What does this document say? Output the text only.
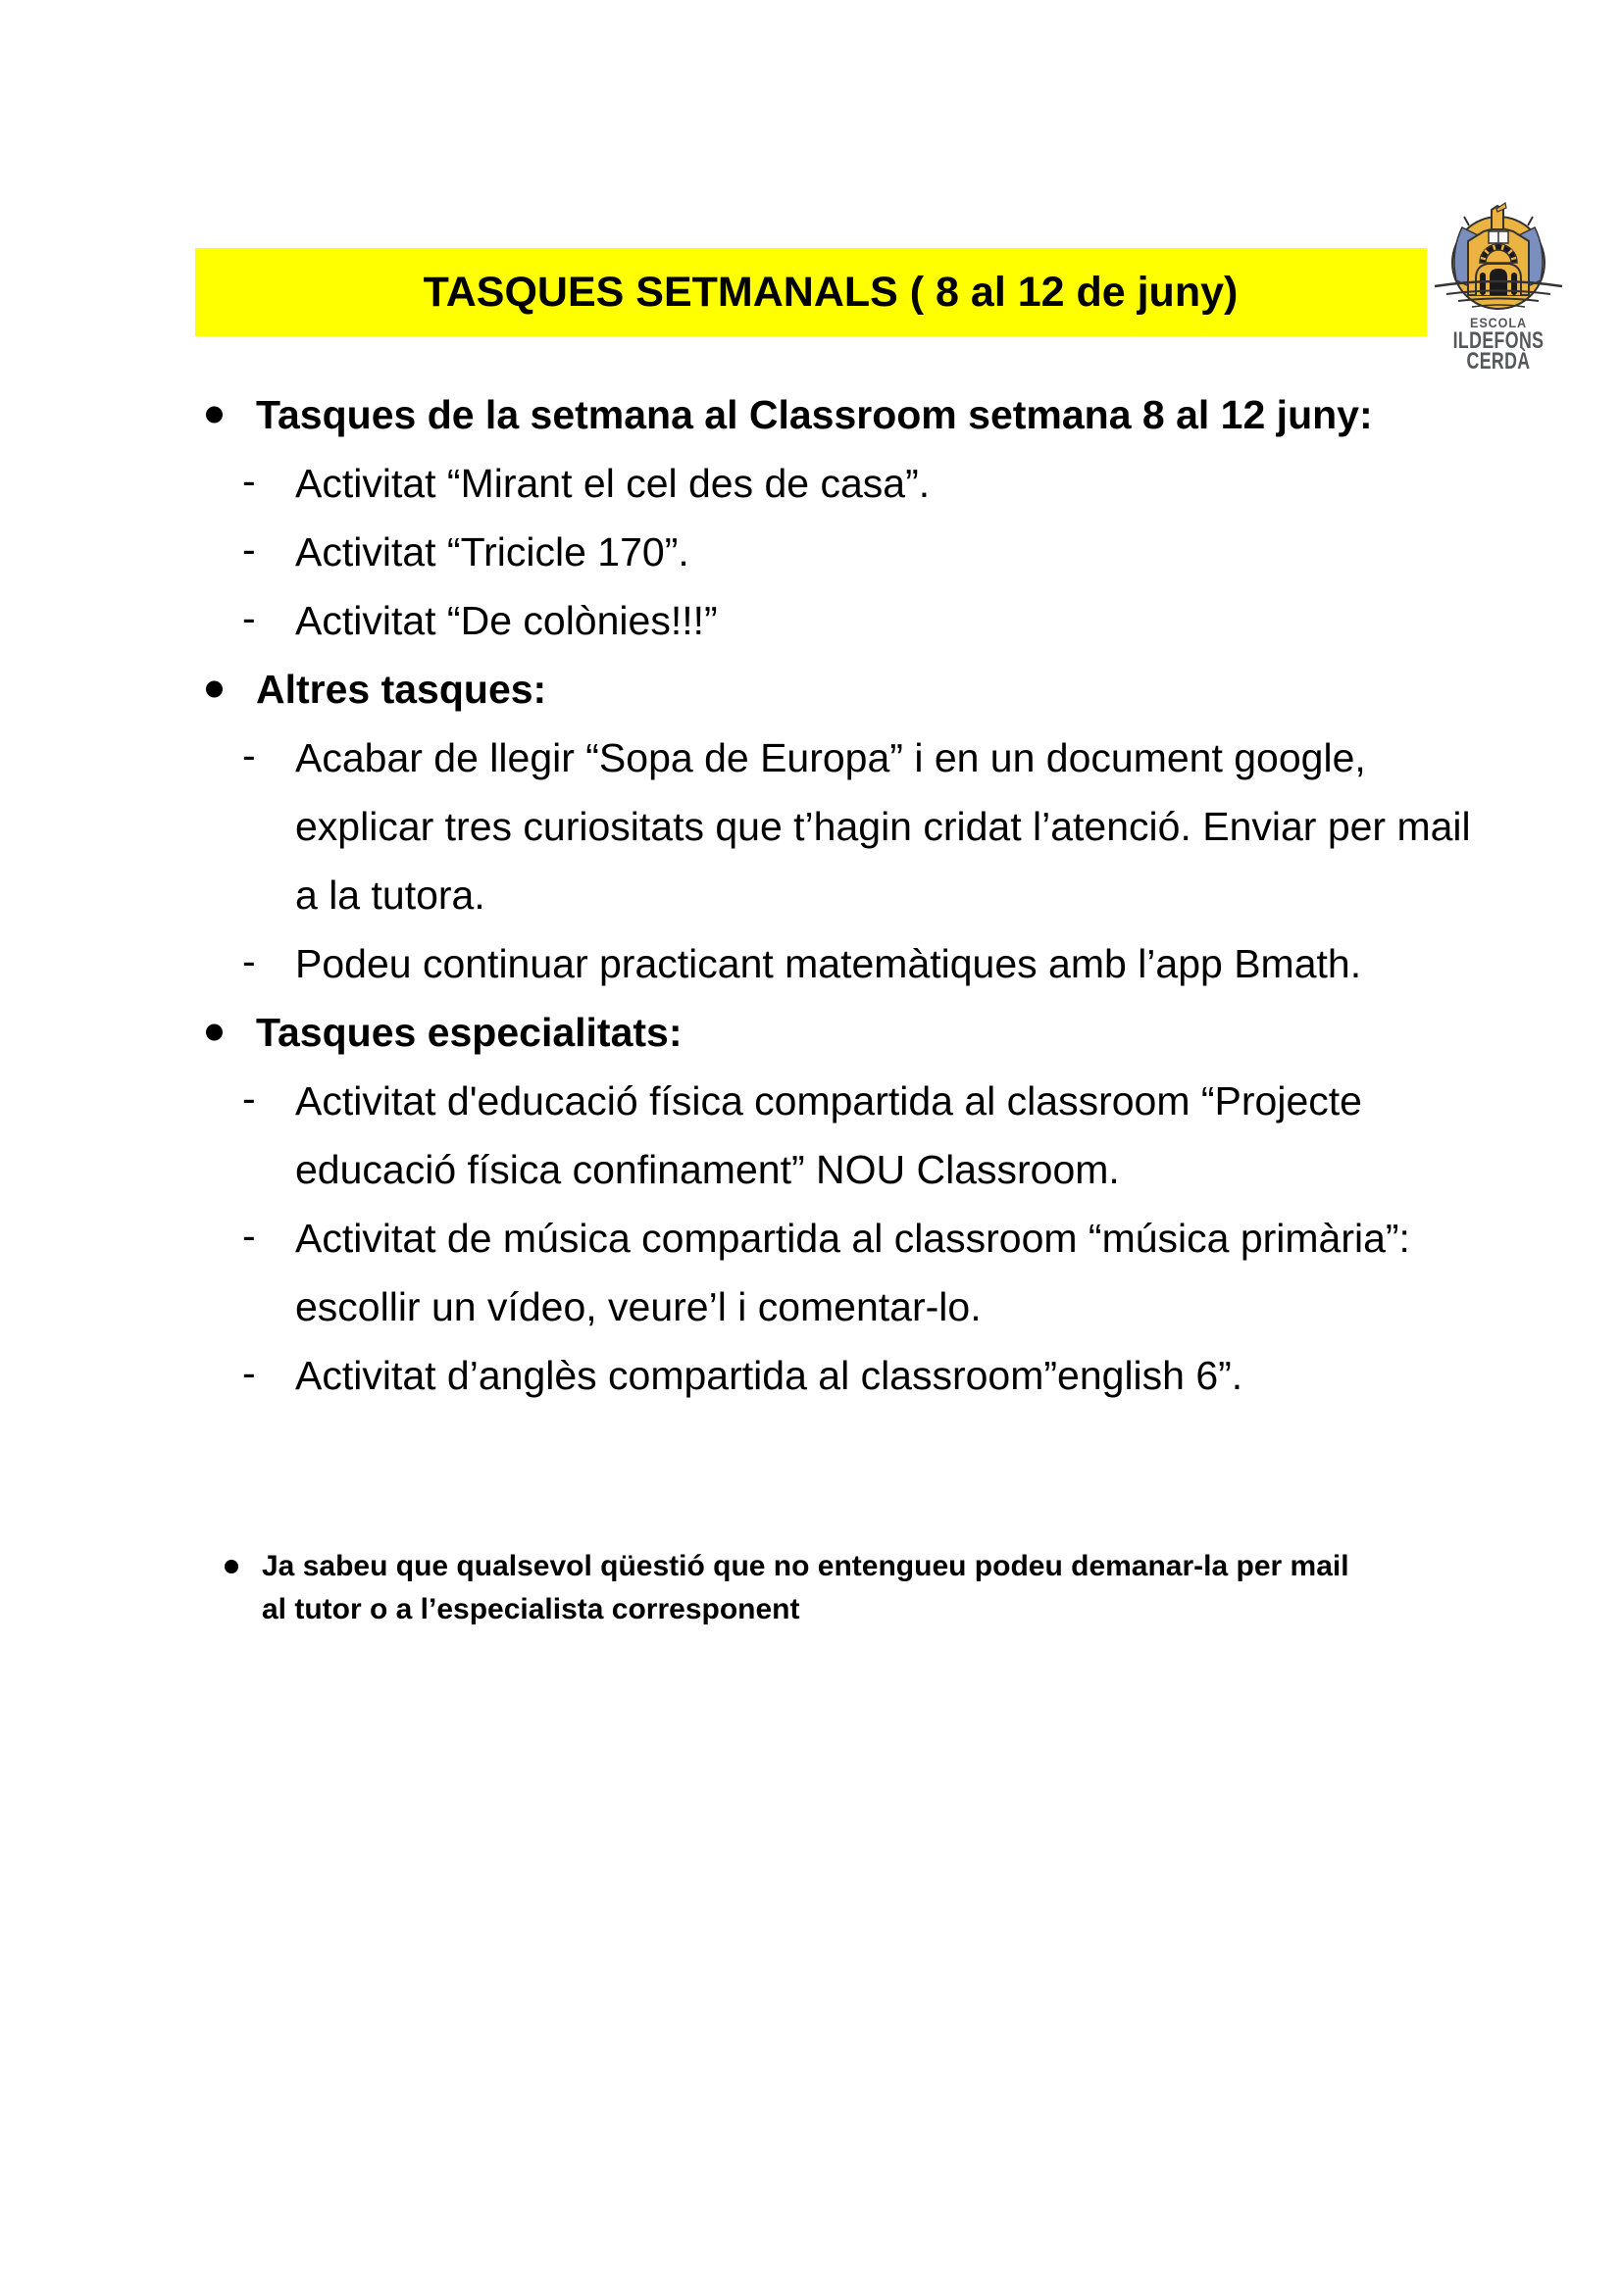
TASQUES SETMANALS ( 8 al 12 de juny)
ESCOLA
ILDEFONS
CERDÀ
Tasques de la setmana al Classroom setmana 8 al 12 juny:
- Activitat “Mirant el cel des de casa”.
- Activitat “Tricicle 170”.
- Activitat “De colònies!!!”
Altres tasques:
- Acabar de llegir “Sopa de Europa” i en un document google,
explicar tres curiositats que t’hagin cridat l’atenció. Enviar per mail
a la tutora.
- Podeu continuar practicant matemàtiques amb l’app Bmath.
Tasques especialitats:
- Activitat d'educació física compartida al classroom “Projecte
educació física confinament” NOU Classroom.
- Activitat de música compartida al classroom “música primària”:
escollir un vídeo, veure’l i comentar-lo.
- Activitat d’anglès compartida al classroom”english 6”.
Ja sabeu que qualsevol qüestió que no entengueu podeu demanar-la per mail
al tutor o a l’especialista corresponent
